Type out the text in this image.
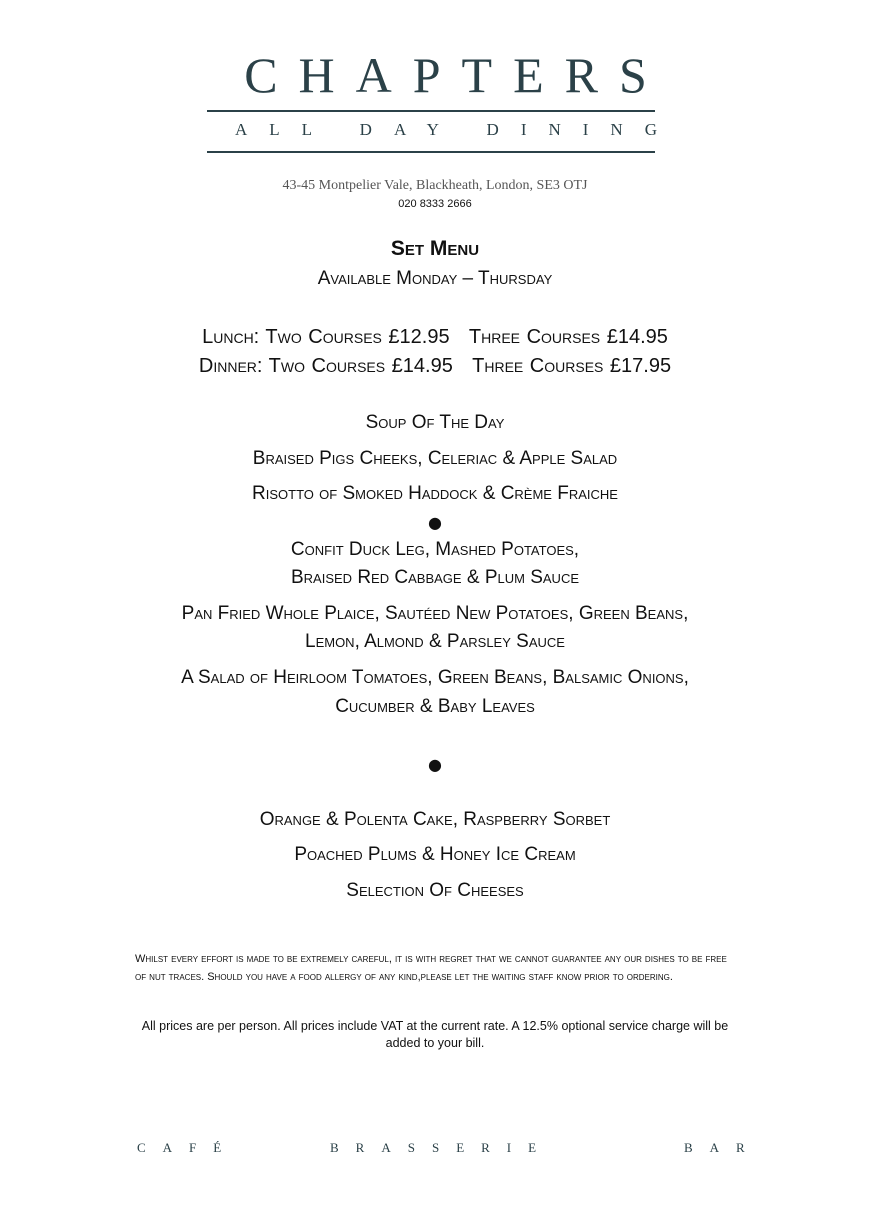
CHAPTERS
ALL DAY DINING
43-45 Montpelier Vale, Blackheath, London, SE3 OTJ
020 8333 2666
Set Menu
Available Monday – Thursday
Lunch: Two Courses £12.95   Three Courses £14.95
Dinner: Two Courses £14.95   Three Courses £17.95
Soup Of The Day
Braised Pigs Cheeks, Celeriac & Apple Salad
Risotto of Smoked Haddock & Crème Fraiche
●
Confit Duck Leg, Mashed Potatoes,
Braised Red Cabbage & Plum Sauce
Pan Fried Whole Plaice, Sautéed New Potatoes, Green Beans,
Lemon, Almond & Parsley Sauce
A Salad of Heirloom Tomatoes, Green Beans, Balsamic Onions,
Cucumber & Baby Leaves
●
Orange & Polenta Cake, Raspberry Sorbet
Poached Plums & Honey Ice Cream
Selection Of Cheeses
Whilst every effort is made to be extremely careful, it is with regret that we cannot guarantee any our dishes to be free of nut traces. Should you have a food allergy of any kind,please let the waiting staff know prior to ordering.
All prices are per person. All prices include VAT at the current rate. A 12.5% optional service charge will be added to your bill.
CAFÉ	BRASSERIE	BAR
